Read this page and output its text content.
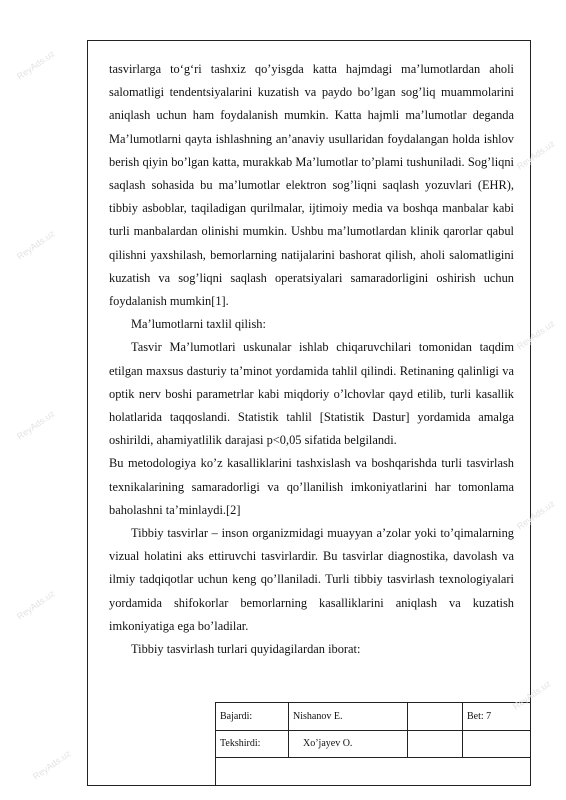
tasvirlarga to‘g‘ri tashxiz qo’yisgda katta hajmdagi ma’lumotlardan aholi salomatligi tendentsiyalarini kuzatish va paydo bo’lgan sog’liq muammolarini aniqlash uchun ham foydalanish mumkin. Katta hajmli ma’lumotlar deganda Ma’lumotlarni qayta ishlashning an’anaviy usullaridan foydalangan holda ishlov berish qiyin bo’lgan katta, murakkab Ma’lumotlar to’plami tushuniladi. Sog’liqni saqlash sohasida bu ma’lumotlar elektron sog’liqni saqlash yozuvlari (EHR), tibbiy asboblar, taqiladigan qurilmalar, ijtimoiy media va boshqa manbalar kabi turli manbalardan olinishi mumkin. Ushbu ma’lumotlardan klinik qarorlar qabul qilishni yaxshilash, bemorlarning natijalarini bashorat qilish, aholi salomatligini kuzatish va sog’liqni saqlash operatsiyalari samaradorligini oshirish uchun foydalanish mumkin[1].

Ma’lumotlarni taxlil qilish:

Tasvir Ma’lumotlari uskunalar ishlab chiqaruvchilari tomonidan taqdim etilgan maxsus dasturiy ta’minot yordamida tahlil qilindi. Retinaning qalinligi va optik nerv boshi parametrlar kabi miqdoriy o’lchovlar qayd etilib, turli kasallik holatlarida taqqoslandi. Statistik tahlil [Statistik Dastur] yordamida amalga oshirildi, ahamiyatlilik darajasi p<0,05 sifatida belgilandi.

Bu metodologiya ko’z kasalliklarini tashxislash va boshqarishda turli tasvirlash texnikalarining samaradorligi va qo’llanilish imkoniyatlarini har tomonlama baholashni ta’minlaydi.[2]

Tibbiy tasvirlar – inson organizmidagi muayyan a’zolar yoki to’qimalarning vizual holatini aks ettiruvchi tasvirlardir. Bu tasvirlar diagnostika, davolash va ilmiy tadqiqotlar uchun keng qo’llaniladi. Turli tibbiy tasvirlash texnologiyalari yordamida shifokorlar bemorlarning kasalliklarini aniqlash va kuzatish imkoniyatiga ega bo’ladilar.

Tibbiy tasvirlash turlari quyidagilardan iborat:

Bajardi:	Nishanov E.		Bet: 7
Tekshirdi:	Xo’jayev O.		

ReyAds.uz
ReyAds.uz
ReyAds.uz
ReyAds.uz
ReyAds.uz
ReyAds.uz
ReyAds.uz
ReyAds.uz
ReyAds.uz
